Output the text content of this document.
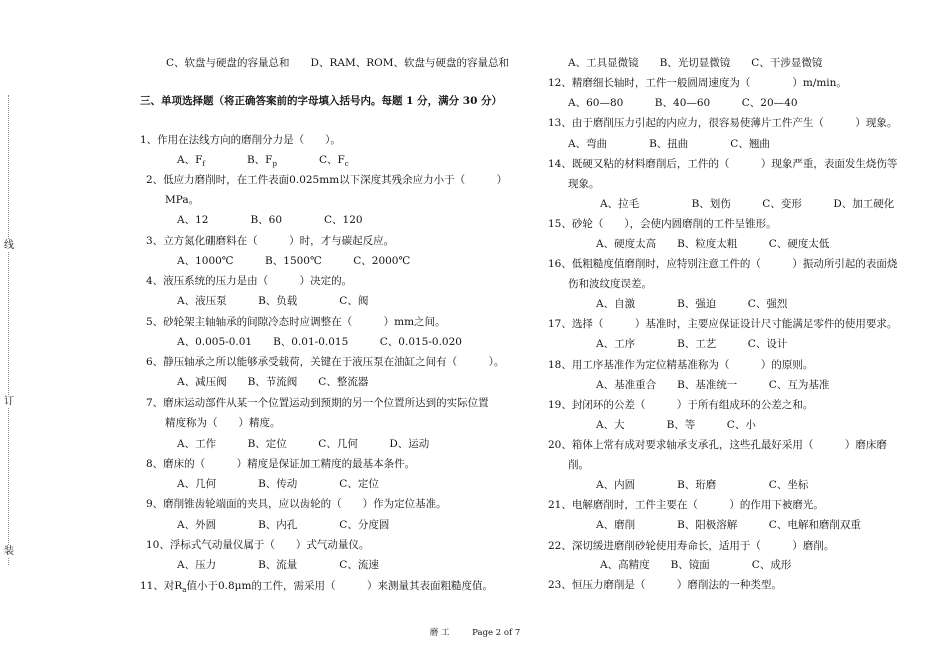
线
订
装
C、软盘与硬盘的容量总和　　D、RAM、ROM、软盘与硬盘的容量总和
三、单项选择题（将正确答案前的字母填入括号内。每题 1 分，满分 30 分）
1、作用在法线方向的磨削分力是（　　）。
A、$F_f$　　　　B、$F_p$　　　　C、$F_c$
2、低应力磨削时，在工件表面0.025mm以下深度其残余应力小于（　　　）
MPa。
A、12　　　　B、60　　　　C、120
3、立方氮化硼磨料在（　　　）时，才与碳起反应。
A、1000℃　　　B、1500℃　　　C、2000℃
4、液压系统的压力是由（　　　）决定的。
A、液压泵　　　B、负载　　　　C、阀
5、砂轮架主轴轴承的间隙冷态时应调整在（　　　）mm之间。
A、0.005-0.01　　B、0.01-0.015　　　C、0.015-0.020
6、静压轴承之所以能够承受载荷，关键在于液压泵在油缸之间有（　　　）。
A、减压阀　　B、节流阀　　C、整流器
7、磨床运动部件从某一个位置运动到预期的另一个位置所达到的实际位置
精度称为（　　）精度。
A、工作　　　B、定位　　　C、几何　　　D、运动
8、磨床的（　　　）精度是保证加工精度的最基本条件。
A、几何　　　　B、传动　　　　C、定位
9、磨削锥齿轮端面的夹具，应以齿轮的（　　）作为定位基准。
A、外圆　　　　B、内孔　　　　C、分度圆
10、浮标式气动量仪属于（　　）式气动量仪。
A、压力　　　　B、流量　　　　C、流速
11、对$R_a$值小于0.8μm的工件，需采用（　　　）来测量其表面粗糙度值。
A、工具显微镜　　B、光切显微镜　　C、干涉显微镜
12、精磨细长轴时，工件一般圆周速度为（　　　　）m/min。
A、60—80　　　B、40—60　　　C、20—40
13、由于磨削压力引起的内应力，很容易使薄片工件产生（　　　）现象。
A、弯曲　　　　B、扭曲　　　　C、翘曲
14、既硬又粘的材料磨削后，工件的（　　　）现象严重，表面发生烧伤等
现象。
A、拉毛　　　　　B、划伤　　　C、变形　　　D、加工硬化
15、砂轮（　　），会使内圆磨削的工件呈锥形。
A、硬度太高　　B、粒度太粗　　　C、硬度太低
16、低粗糙度值磨削时，应特别注意工件的（　　　）振动所引起的表面烧
伤和波纹度误差。
A、自激　　　　B、强迫　　　C、强烈
17、选择（　　　）基准时，主要应保证设计尺寸能满足零件的使用要求。
A、工序　　　　B、工艺　　　C、设计
18、用工序基准作为定位精基准称为（　　　）的原则。
A、基准重合　　B、基准统一　　　C、互为基准
19、封闭环的公差（　　　）于所有组成环的公差之和。
A、大　　　　B、等　　　C、小
20、箱体上常有成对要求轴承支承孔，这些孔最好采用（　　　）磨床磨
削。
A、内圆　　　　B、珩磨　　　　　C、坐标
21、电解磨削时，工件主要在（　　　）的作用下被磨光。
A、磨削　　　　B、阳极溶解　　　C、电解和磨削双重
22、深切缓进磨削砂轮使用寿命长，适用于（　　　）磨削。
A、高精度　　B、镜面　　　　C、成形
23、恒压力磨削是（　　　）磨削法的一种类型。
磨 工	Page 2 of 7
